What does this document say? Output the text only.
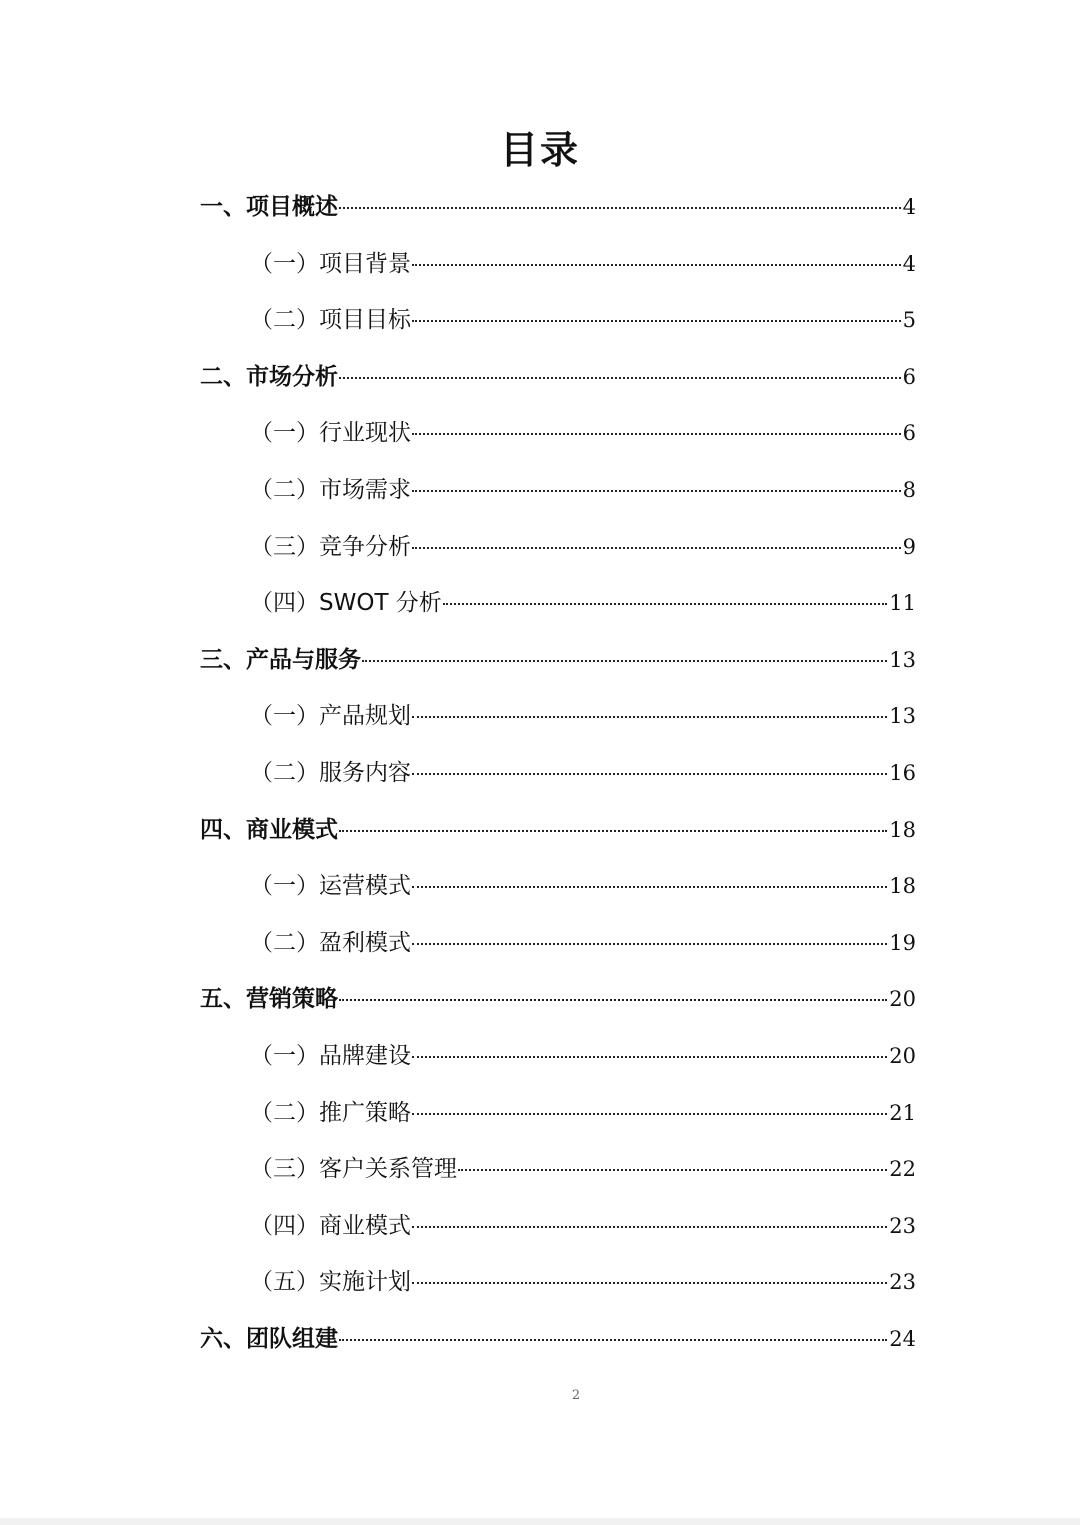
目录
一、项目概述	4
（一）项目背景	4
（二）项目目标	5
二、市场分析	6
（一）行业现状	6
（二）市场需求	8
（三）竞争分析	9
（四）SWOT 分析	11
三、产品与服务	13
（一）产品规划	13
（二）服务内容	16
四、商业模式	18
（一）运营模式	18
（二）盈利模式	19
五、营销策略	20
（一）品牌建设	20
（二）推广策略	21
（三）客户关系管理	22
（四）商业模式	23
（五）实施计划	23
六、团队组建	24
2
